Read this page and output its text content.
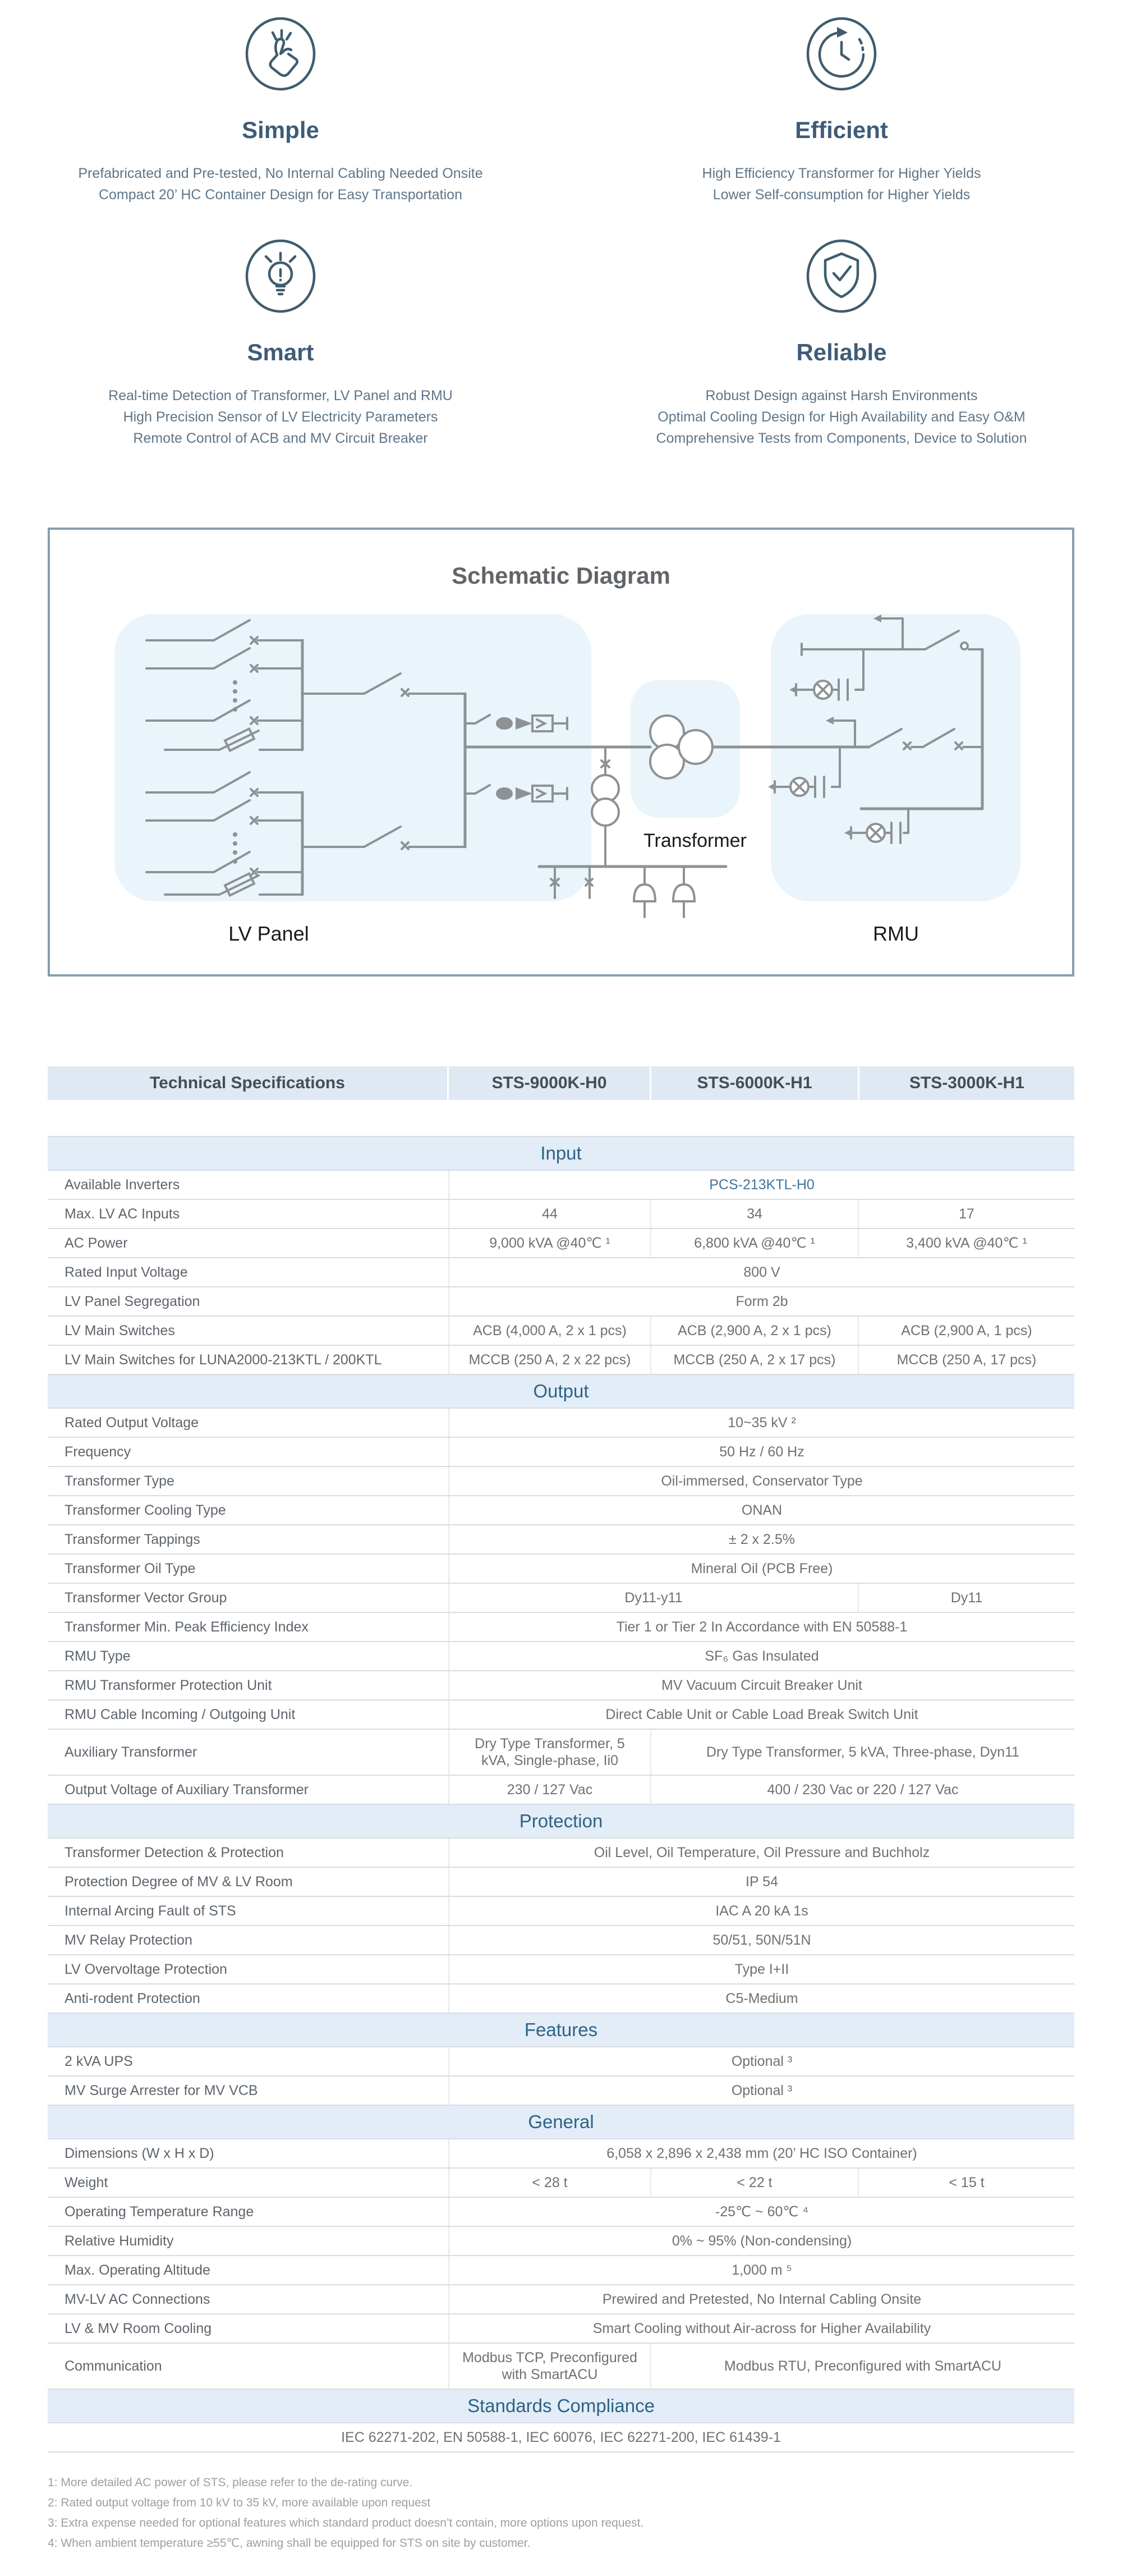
Simple

Prefabricated and Pre-tested, No Internal Cabling Needed Onsite

Compact 20’ HC Container Design for Easy Transportation

Efficient

High Efficiency Transformer for Higher Yields

Lower Self-consumption for Higher Yields

Smart

Real-time Detection of Transformer, LV Panel and RMU

High Precision Sensor of LV Electricity Parameters

Remote Control of ACB and MV Circuit Breaker

Reliable

Robust Design against Harsh Environments

Optimal Cooling Design for High Availability and Easy O&M

Comprehensive Tests from Components, Device to Solution

Schematic Diagram
LV Panel
Transformer
RMU
Technical Specifications	STS-9000K-H0	STS-6000K-H1	STS-3000K-H1
Input			
Available Inverters	PCS-213KTL-H0		
Max. LV AC Inputs	44	34	17
AC Power	9,000 kVA @40℃ ¹	6,800 kVA @40℃ ¹	3,400 kVA @40℃ ¹
Rated Input Voltage	800 V		
LV Panel Segregation	Form 2b		
LV Main Switches	ACB (4,000 A, 2 x 1 pcs)	ACB (2,900 A, 2 x 1 pcs)	ACB (2,900 A, 1 pcs)
LV Main Switches for LUNA2000-213KTL / 200KTL	MCCB (250 A, 2 x 22 pcs)	MCCB (250 A, 2 x 17 pcs)	MCCB (250 A, 17 pcs)
Output			
Rated Output Voltage	10~35 kV ²		
Frequency	50 Hz / 60 Hz		
Transformer Type	Oil-immersed, Conservator Type		
Transformer Cooling Type	ONAN		
Transformer Tappings	± 2 x 2.5%		
Transformer Oil Type	Mineral Oil (PCB Free)		
Transformer Vector Group	Dy11-y11		Dy11
Transformer Min. Peak Efficiency Index	Tier 1 or Tier 2 In Accordance with EN 50588-1		
RMU Type	SF₆ Gas Insulated		
RMU Transformer Protection Unit	MV Vacuum Circuit Breaker Unit		
RMU Cable Incoming / Outgoing Unit	Direct Cable Unit or Cable Load Break Switch Unit		
Auxiliary Transformer	Dry Type Transformer, 5 kVA, Single-phase, Ii0	Dry Type Transformer, 5 kVA, Three-phase, Dyn11	
Output Voltage of Auxiliary Transformer	230 / 127 Vac	400 / 230 Vac or 220 / 127 Vac	
Protection			
Transformer Detection & Protection	Oil Level, Oil Temperature, Oil Pressure and Buchholz		
Protection Degree of MV & LV Room	IP 54		
Internal Arcing Fault of STS	IAC A 20 kA 1s		
MV Relay Protection	50/51, 50N/51N		
LV Overvoltage Protection	Type I+II		
Anti-rodent Protection	C5-Medium		
Features			
2 kVA UPS	Optional ³		
MV Surge Arrester for MV VCB	Optional ³		
General			
Dimensions (W x H x D)	6,058 x 2,896 x 2,438 mm (20’ HC ISO Container)		
Weight	< 28 t	< 22 t	< 15 t
Operating Temperature Range	-25℃ ~ 60℃ ⁴		
Relative Humidity	0% ~ 95% (Non-condensing)		
Max. Operating Altitude	1,000 m ⁵		
MV-LV AC Connections	Prewired and Pretested, No Internal Cabling Onsite		
LV & MV Room Cooling	Smart Cooling without Air-across for Higher Availability		
Communication	Modbus TCP, Preconfigured with SmartACU	Modbus RTU, Preconfigured with SmartACU	
Standards Compliance			
IEC 62271-202, EN 50588-1, IEC 60076, IEC 62271-200, IEC 61439-1			

1: More detailed AC power of STS, please refer to the de-rating curve.

2: Rated output voltage from 10 kV to 35 kV, more available upon request

3: Extra expense needed for optional features which standard product doesn’t contain, more options upon request.

4: When ambient temperature ≥55℃, awning shall be equipped for STS on site by customer.
